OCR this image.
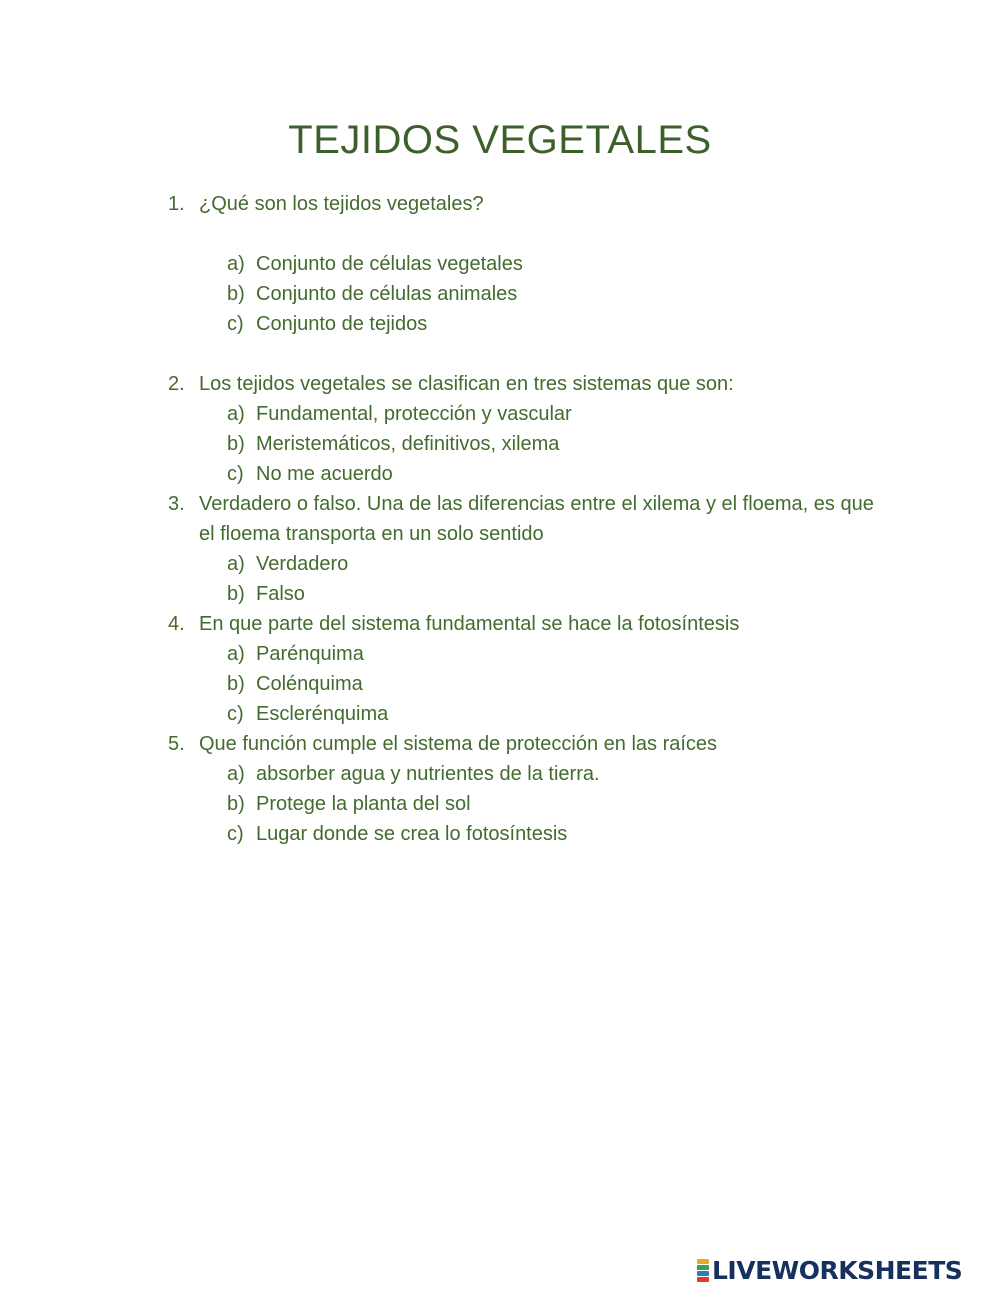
TEJIDOS VEGETALES
1. ¿Qué son los tejidos vegetales?
a) Conjunto de células vegetales
b) Conjunto de células animales
c) Conjunto de tejidos
2. Los tejidos vegetales se clasifican en tres sistemas que son:
a) Fundamental, protección y vascular
b) Meristemáticos, definitivos, xilema
c) No me acuerdo
3. Verdadero o falso. Una de las diferencias entre el xilema y el floema, es que el floema transporta en un solo sentido
a) Verdadero
b) Falso
4. En que parte del sistema fundamental se hace la fotosíntesis
a) Parénquima
b) Colénquima
c) Esclerénquima
5. Que función cumple el sistema de protección en las raíces
a) absorber agua y nutrientes de la tierra.
b) Protege la planta del sol
c) Lugar donde se crea lo fotosíntesis
LIVEWORKSHEETS
